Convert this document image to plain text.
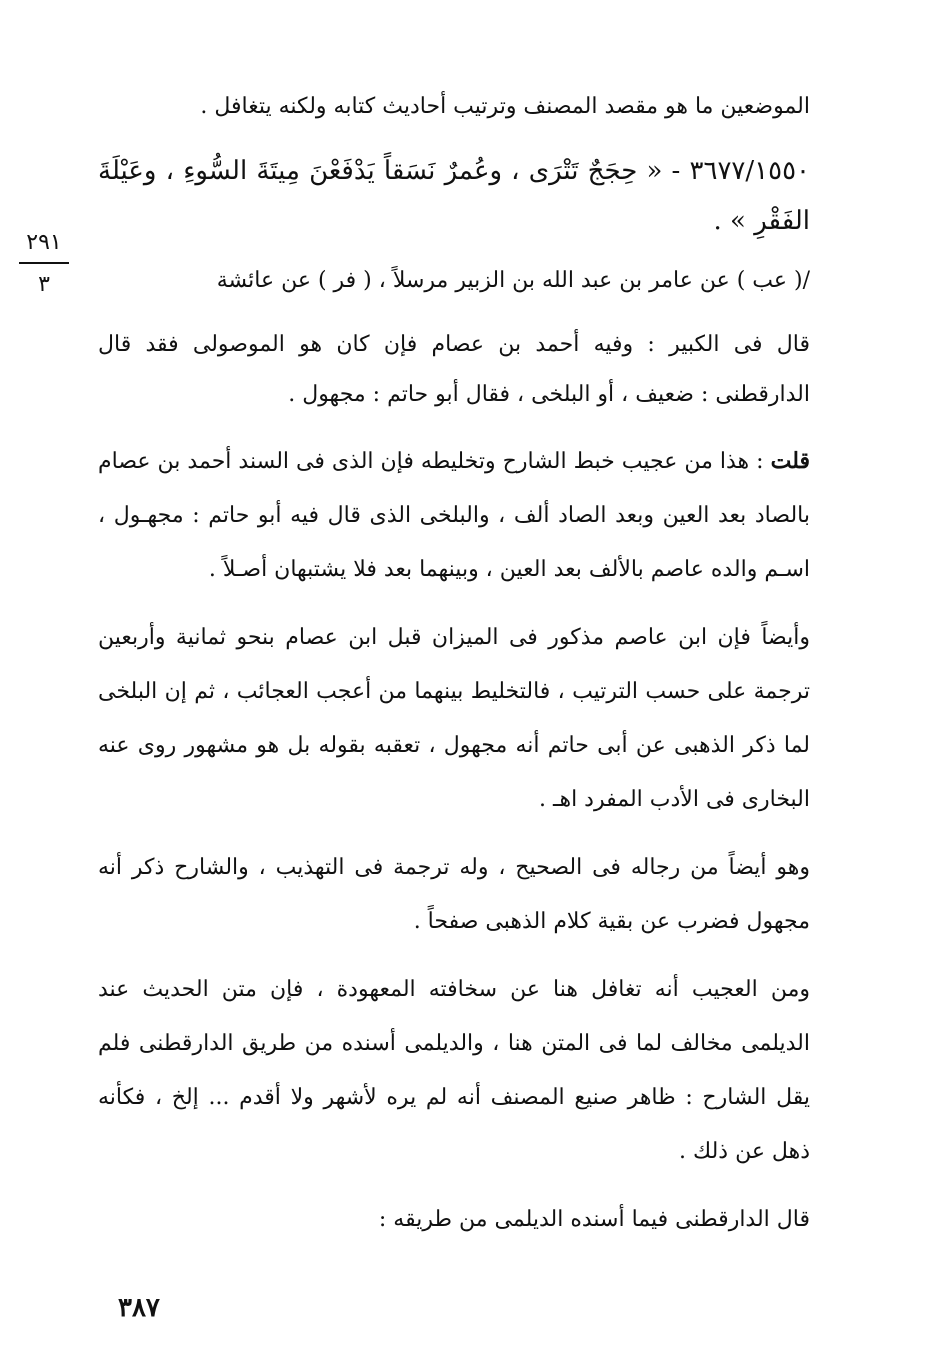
٢٩١
٣

الموضعين ما هو مقصد المصنف وترتيب أحاديث كتابه ولكنه يتغافل .

٣٦٧٧/١٥٥٠ - « حِجَجٌ تَتْرَى ، وعُمرٌ نَسَقاً يَدْفَعْنَ مِيتَةَ السُّوءِ ، وعَيْلَةَ الفَقْرِ » .

/( عب ) عن عامر بن عبد الله بن الزبير مرسلاً ، ( فر ) عن عائشة

قال فى الكبير : وفيه أحمد بن عصام فإن كان هو الموصولى فقد قال الدارقطنى : ضعيف ، أو البلخى ، فقال أبو حاتم : مجهول .

قلت : هذا من عجيب خبط الشارح وتخليطه فإن الذى فى السند أحمد بن عصام بالصاد بعد العين وبعد الصاد ألف ، والبلخى الذى قال فيه أبو حاتم : مجهـول ، اسـم والده عاصم بالألف بعد العين ، وبينهما بعد فلا يشتبهان أصـلاً .

وأيضاً فإن ابن عاصم مذكور فى الميزان قبل ابن عصام بنحو ثمانية وأربعين ترجمة على حسب الترتيب ، فالتخليط بينهما من أعجب العجائب ، ثم إن البلخى لما ذكر الذهبى عن أبى حاتم أنه مجهول ، تعقبه بقوله بل هو مشهور روى عنه البخارى فى الأدب المفرد اهـ .

وهو أيضاً من رجاله فى الصحيح ، وله ترجمة فى التهذيب ، والشارح ذكر أنه مجهول فضرب عن بقية كلام الذهبى صفحاً .

ومن العجيب أنه تغافل هنا عن سخافته المعهودة ، فإن متن الحديث عند الديلمى مخالف لما فى المتن هنا ، والديلمى أسنده من طريق الدارقطنى فلم يقل الشارح : ظاهر صنيع المصنف أنه لم يره لأشهر ولا أقدم ... إلخ ، فكأنه ذهل عن ذلك .

قال الدارقطنى فيما أسنده الديلمى من طريقه :

٣٨٧
